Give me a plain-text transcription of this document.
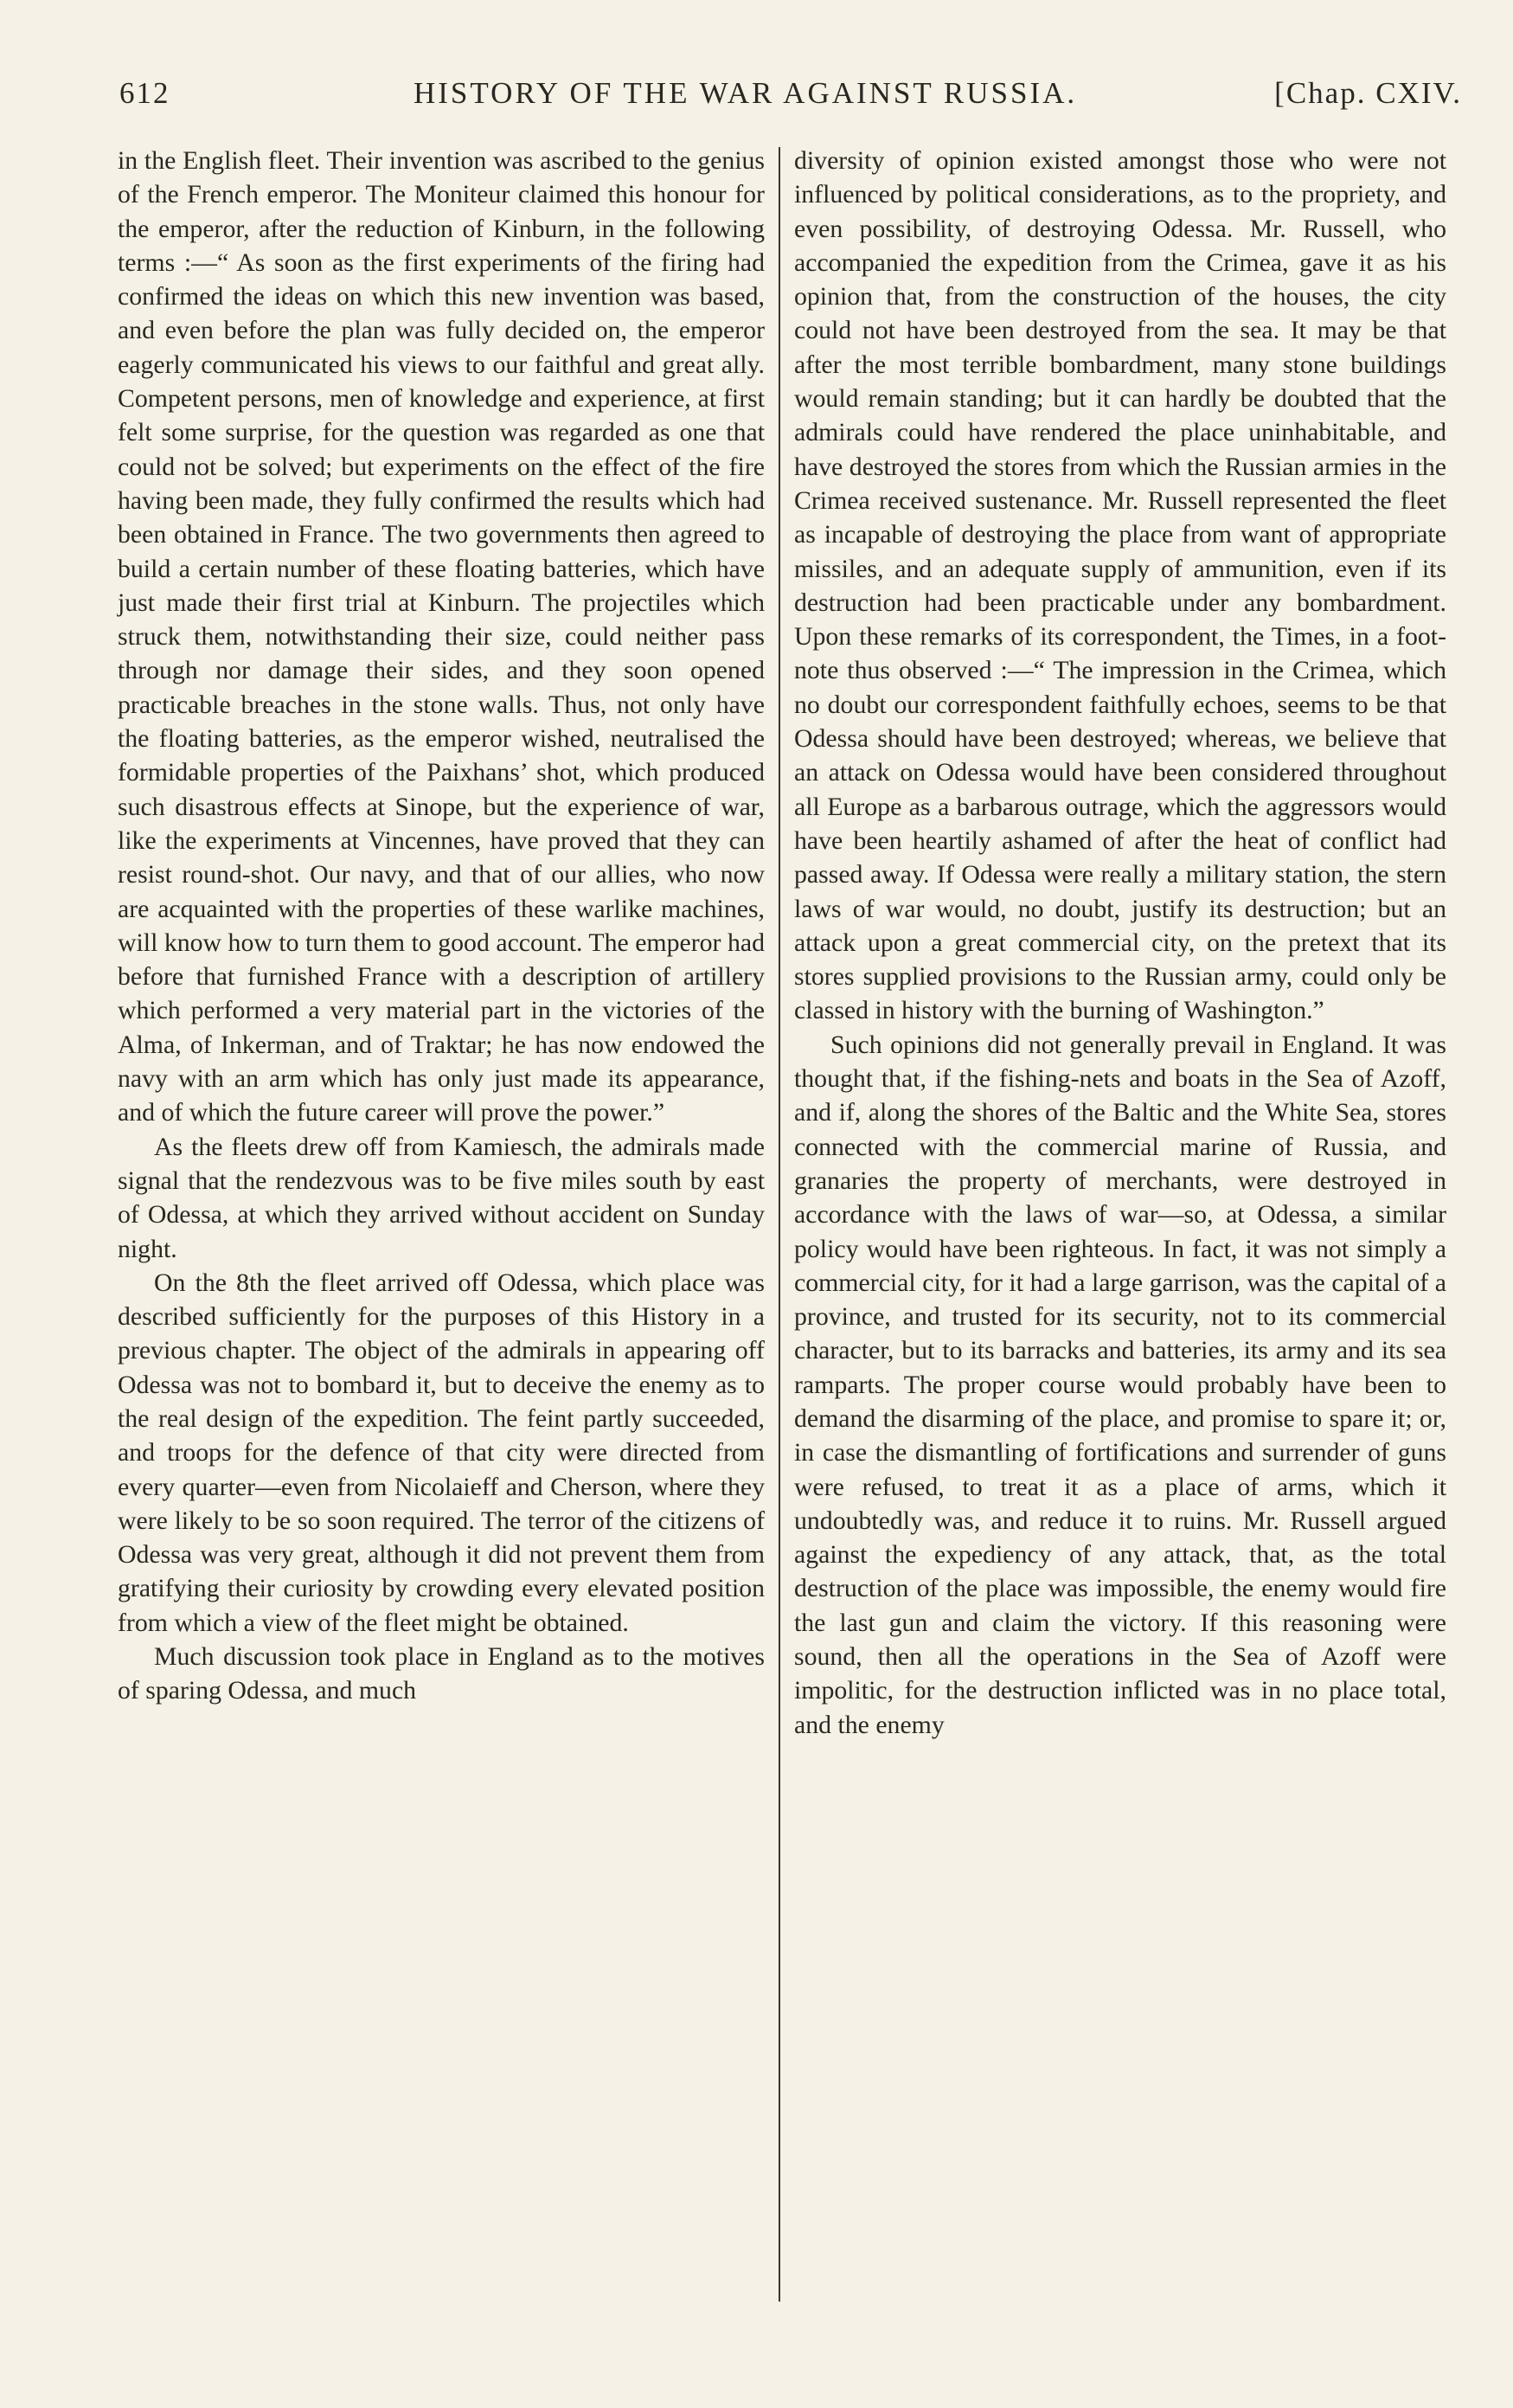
612	HISTORY OF THE WAR AGAINST RUSSIA.	[Chap. CXIV.

in the English fleet. Their invention was ascribed to the genius of the French emperor. The Moniteur claimed this honour for the emperor, after the reduction of Kinburn, in the following terms :—“ As soon as the first experiments of the firing had confirmed the ideas on which this new invention was based, and even before the plan was fully decided on, the emperor eagerly communicated his views to our faithful and great ally. Competent persons, men of knowledge and experience, at first felt some surprise, for the question was regarded as one that could not be solved; but experiments on the effect of the fire having been made, they fully confirmed the results which had been obtained in France. The two governments then agreed to build a certain number of these floating batteries, which have just made their first trial at Kinburn. The projectiles which struck them, notwithstanding their size, could neither pass through nor damage their sides, and they soon opened practicable breaches in the stone walls. Thus, not only have the floating batteries, as the emperor wished, neutralised the formidable properties of the Paixhans’ shot, which produced such disastrous effects at Sinope, but the experience of war, like the experiments at Vincennes, have proved that they can resist round-shot. Our navy, and that of our allies, who now are acquainted with the properties of these warlike machines, will know how to turn them to good account. The emperor had before that furnished France with a description of artillery which performed a very material part in the victories of the Alma, of Inkerman, and of Traktar; he has now endowed the navy with an arm which has only just made its appearance, and of which the future career will prove the power.”

As the fleets drew off from Kamiesch, the admirals made signal that the rendezvous was to be five miles south by east of Odessa, at which they arrived without accident on Sunday night.

On the 8th the fleet arrived off Odessa, which place was described sufficiently for the purposes of this History in a previous chapter. The object of the admirals in appearing off Odessa was not to bombard it, but to deceive the enemy as to the real design of the expedition. The feint partly succeeded, and troops for the defence of that city were directed from every quarter—even from Nicolaieff and Cherson, where they were likely to be so soon required. The terror of the citizens of Odessa was very great, although it did not prevent them from gratifying their curiosity by crowding every elevated position from which a view of the fleet might be obtained.

Much discussion took place in England as to the motives of sparing Odessa, and much

diversity of opinion existed amongst those who were not influenced by political considerations, as to the propriety, and even possibility, of destroying Odessa. Mr. Russell, who accompanied the expedition from the Crimea, gave it as his opinion that, from the construction of the houses, the city could not have been destroyed from the sea. It may be that after the most terrible bombardment, many stone buildings would remain standing; but it can hardly be doubted that the admirals could have rendered the place uninhabitable, and have destroyed the stores from which the Russian armies in the Crimea received sustenance. Mr. Russell represented the fleet as incapable of destroying the place from want of appropriate missiles, and an adequate supply of ammunition, even if its destruction had been practicable under any bombardment. Upon these remarks of its correspondent, the Times, in a foot-note thus observed :—“ The impression in the Crimea, which no doubt our correspondent faithfully echoes, seems to be that Odessa should have been destroyed; whereas, we believe that an attack on Odessa would have been considered throughout all Europe as a barbarous outrage, which the aggressors would have been heartily ashamed of after the heat of conflict had passed away. If Odessa were really a military station, the stern laws of war would, no doubt, justify its destruction; but an attack upon a great commercial city, on the pretext that its stores supplied provisions to the Russian army, could only be classed in history with the burning of Washington.”

Such opinions did not generally prevail in England. It was thought that, if the fishing-nets and boats in the Sea of Azoff, and if, along the shores of the Baltic and the White Sea, stores connected with the commercial marine of Russia, and granaries the property of merchants, were destroyed in accordance with the laws of war—so, at Odessa, a similar policy would have been righteous. In fact, it was not simply a commercial city, for it had a large garrison, was the capital of a province, and trusted for its security, not to its commercial character, but to its barracks and batteries, its army and its sea ramparts. The proper course would probably have been to demand the disarming of the place, and promise to spare it; or, in case the dismantling of fortifications and surrender of guns were refused, to treat it as a place of arms, which it undoubtedly was, and reduce it to ruins. Mr. Russell argued against the expediency of any attack, that, as the total destruction of the place was impossible, the enemy would fire the last gun and claim the victory. If this reasoning were sound, then all the operations in the Sea of Azoff were impolitic, for the destruction inflicted was in no place total, and the enemy
